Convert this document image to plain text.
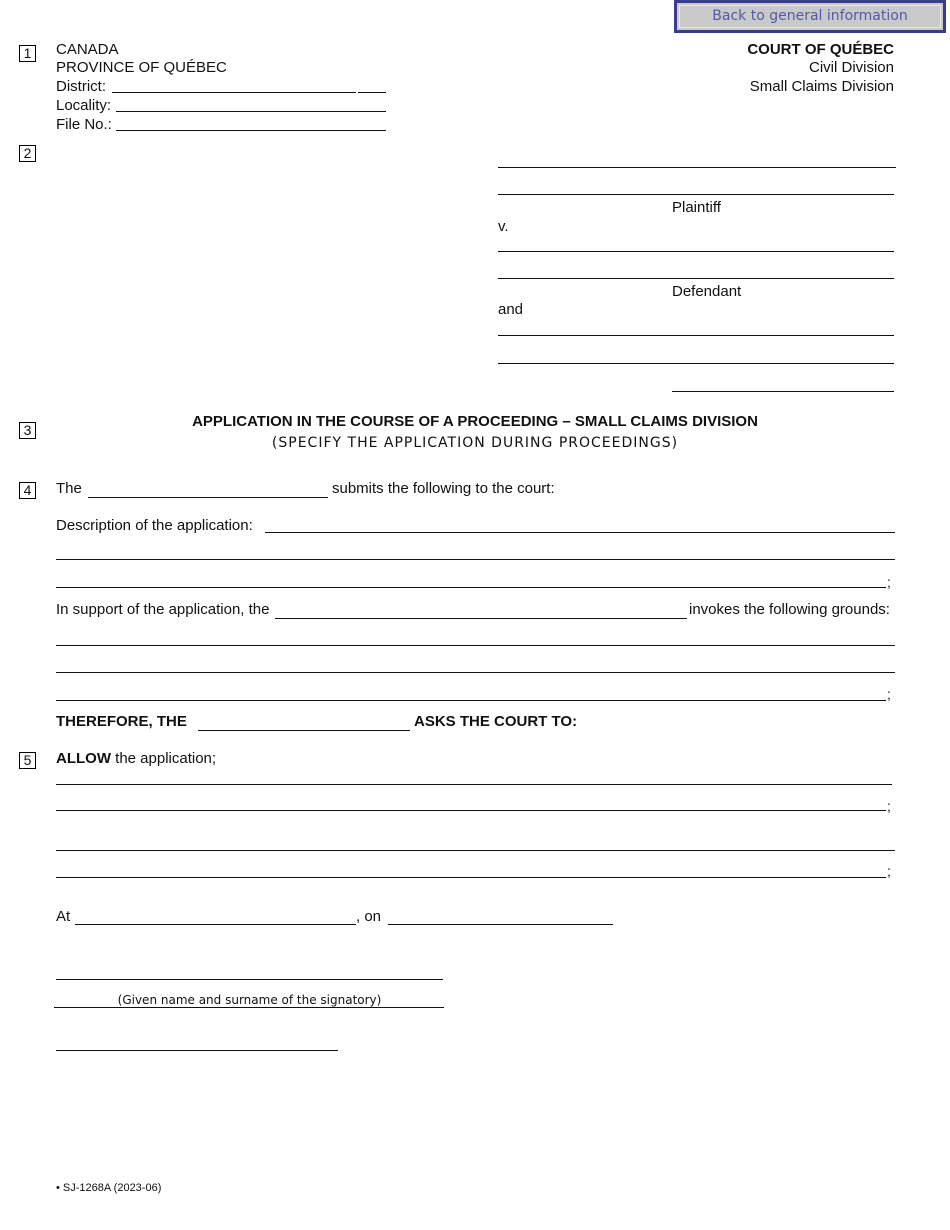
Back to general information
1
2
3
4
5
CANADA
PROVINCE OF QUÉBEC
District:
Locality:
File No.:
COURT OF QUÉBEC
Civil Division
Small Claims Division
Plaintiff
v.
Defendant
and
APPLICATION IN THE COURSE OF A PROCEEDING – SMALL CLAIMS DIVISION
(SPECIFY THE APPLICATION DURING PROCEEDINGS)
The	submits the following to the court:
Description of the application:
;
In support of the application, the	invokes the following grounds:
;
THEREFORE, THE	ASKS THE COURT TO:
ALLOW the application;
;
;
At	, on
(Given name and surname of the signatory)
• SJ-1268A (2023-06)
